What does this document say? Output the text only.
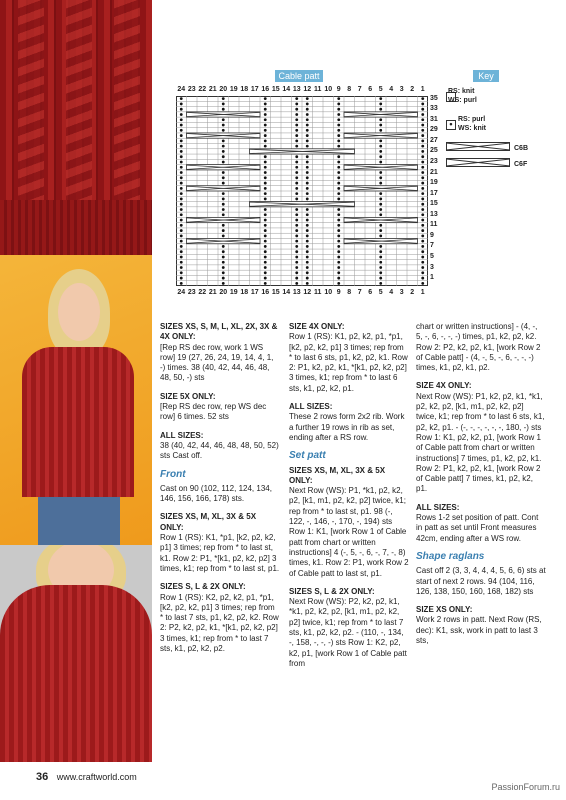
Cable patt	Key
24 23 22 21 20 19 18 17 16 15 14 13 12 11 10 9 8 7 6 5 4 3 2 1
24 23 22 21 20 19 18 17 16 15 14 13 12 11 10 9 8 7 6 5 4 3 2 1
35
33
31
29
27
25
23
21
19
17
15
13
11
9
7
5
3
1
RS: knit
WS: purl
• RS: purl
WS: knit
C6B
C6F

SIZES XS, S, M, L, XL, 2X, 3X & 4X ONLY:
[Rep RS dec row, work 1 WS row] 19 (27, 26, 24, 19, 14, 4, 1, -) times. 38 (40, 42, 44, 46, 48, 48, 50, -) sts

SIZE 5X ONLY:
[Rep RS dec row, rep WS dec row] 6 times. 52 sts

ALL SIZES:
38 (40, 42, 44, 46, 48, 48, 50, 52) sts Cast off.

Front

Cast on 90 (102, 112, 124, 134, 146, 156, 166, 178) sts.

SIZES XS, M, XL, 3X & 5X ONLY:
Row 1 (RS): K1, *p1, [k2, p2, k2, p1] 3 times; rep from * to last st, k1. Row 2: P1, *[k1, p2, k2, p2] 3 times, k1; rep from * to last st, p1.

SIZES S, L & 2X ONLY:
Row 1 (RS): K2, p2, k2, p1, *p1, [k2, p2, k2, p1] 3 times; rep from * to last 7 sts, p1, k2, p2, k2. Row 2: P2, k2, p2, k1, *[k1, p2, k2, p2] 3 times, k1; rep from * to last 7 sts, k1, p2, k2, p2.

SIZE 4X ONLY:
Row 1 (RS): K1, p2, k2, p1, *p1, [k2, p2, k2, p1] 3 times; rep from * to last 6 sts, p1, k2, p2, k1. Row 2: P1, k2, p2, k1, *[k1, p2, k2, p2] 3 times, k1; rep from * to last 6 sts, k1, p2, k2, p1.

ALL SIZES:
These 2 rows form 2x2 rib. Work a further 19 rows in rib as set, ending after a RS row.

Set patt

SIZES XS, M, XL, 3X & 5X ONLY:
Next Row (WS): P1, *k1, p2, k2, p2, [k1, m1, p2, k2, p2] twice, k1; rep from * to last st, p1. 98 (-, 122, -, 146, -, 170, -, 194) sts Row 1: K1, [work Row 1 of Cable patt from chart or written instructions] 4 (-, 5, -, 6, -, 7, -, 8) times, k1. Row 2: P1, work Row 2 of Cable patt to last st, p1.

SIZES S, L & 2X ONLY:
Next Row (WS): P2, k2, p2, k1, *k1, p2, k2, p2, [k1, m1, p2, k2, p2] twice, k1; rep from * to last 7 sts, k1, p2, k2, p2. - (110, -, 134, -, 158, -, -, -) sts Row 1: K2, p2, k2, p1, [work Row 1 of Cable patt from

chart or written instructions] - (4, -, 5, -, 6, -, -, -) times, p1, k2, p2, k2. Row 2: P2, k2, p2, k1, [work Row 2 of Cable patt] - (4, -, 5, -, 6, -, -, -) times, k1, p2, k1, p2.

SIZE 4X ONLY:
Next Row (WS): P1, k2, p2, k1, *k1, p2, k2, p2, [k1, m1, p2, k2, p2] twice, k1; rep from * to last 6 sts, k1, p2, k2, p1. - (-, -, -, -, -, -, 180, -) sts Row 1: K1, p2, k2, p1, [work Row 1 of Cable patt from chart or written instructions] 7 times, p1, k2, p2, k1. Row 2: P1, k2, p2, k1, [work Row 2 of Cable patt] 7 times, k1, p2, k2, p1.

ALL SIZES:
Rows 1-2 set position of patt. Cont in patt as set until Front measures 42cm, ending after a WS row.

Shape raglans

Cast off 2 (3, 3, 4, 4, 4, 5, 6, 6) sts at start of next 2 rows. 94 (104, 116, 126, 138, 150, 160, 168, 182) sts

SIZE XS ONLY:
Work 2 rows in patt. Next Row (RS, dec): K1, ssk, work in patt to last 3 sts,

36 www.craftworld.com
PassionForum.ru
